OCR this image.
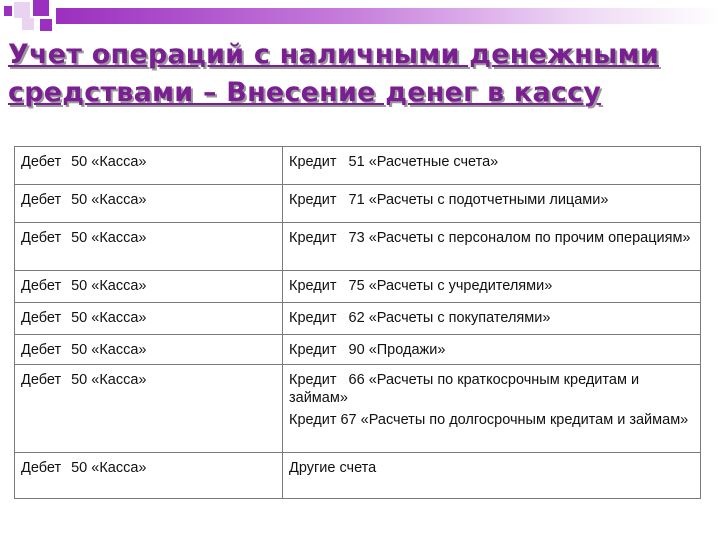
Учет операций с наличными денежными средствами – Внесение денег в кассу
Дебет 50 «Касса»	Кредит   51 «Расчетные счета»
Дебет 50 «Касса»	Кредит   71 «Расчеты с подотчетными лицами»
Дебет 50 «Касса»	Кредит   73 «Расчеты с персоналом по прочим операциям»
Дебет 50 «Касса»	Кредит   75 «Расчеты с учредителями»
Дебет 50 «Касса»	Кредит   62 «Расчеты с покупателями»
Дебет 50 «Касса»	Кредит   90 «Продажи»
Дебет 50 «Касса»	Кредит   66 «Расчеты по краткосрочным кредитам и займам»
Кредит 67 «Расчеты по долгосрочным кредитам и займам»
Дебет 50 «Касса»	Другие счета
